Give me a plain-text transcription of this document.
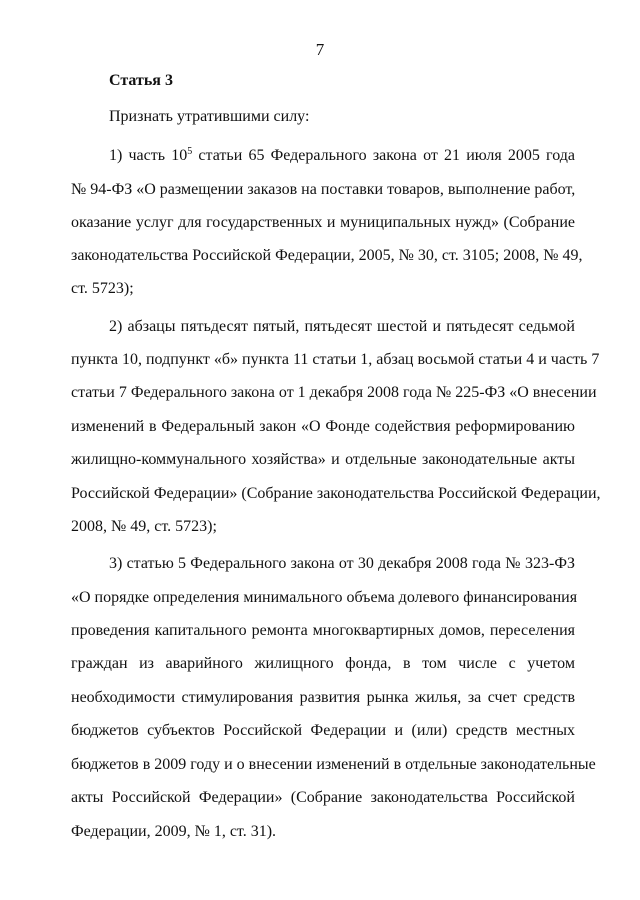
7
Статья 3
Признать утратившими силу:
1) часть $10^5$ статьи 65 Федерального закона от 21 июля 2005 года
№ 94-ФЗ «О размещении заказов на поставки товаров, выполнение работ,
оказание услуг для государственных и муниципальных нужд» (Собрание
законодательства Российской Федерации, 2005, № 30, ст. 3105; 2008, № 49,
ст. 5723);
2) абзацы пятьдесят пятый, пятьдесят шестой и пятьдесят седьмой
пункта 10, подпункт «б» пункта 11 статьи 1, абзац восьмой статьи 4 и часть 7
статьи 7 Федерального закона от 1 декабря 2008 года № 225-ФЗ «О внесении
изменений в Федеральный закон «О Фонде содействия реформированию
жилищно-коммунального хозяйства» и отдельные законодательные акты
Российской Федерации» (Собрание законодательства Российской Федерации,
2008, № 49, ст. 5723);
3) статью 5 Федерального закона от 30 декабря 2008 года № 323-ФЗ
«О порядке определения минимального объема долевого финансирования
проведения капитального ремонта многоквартирных домов, переселения
граждан из аварийного жилищного фонда, в том числе с учетом
необходимости стимулирования развития рынка жилья, за счет средств
бюджетов субъектов Российской Федерации и (или) средств местных
бюджетов в 2009 году и о внесении изменений в отдельные законодательные
акты Российской Федерации» (Собрание законодательства Российской
Федерации, 2009, № 1, ст. 31).
